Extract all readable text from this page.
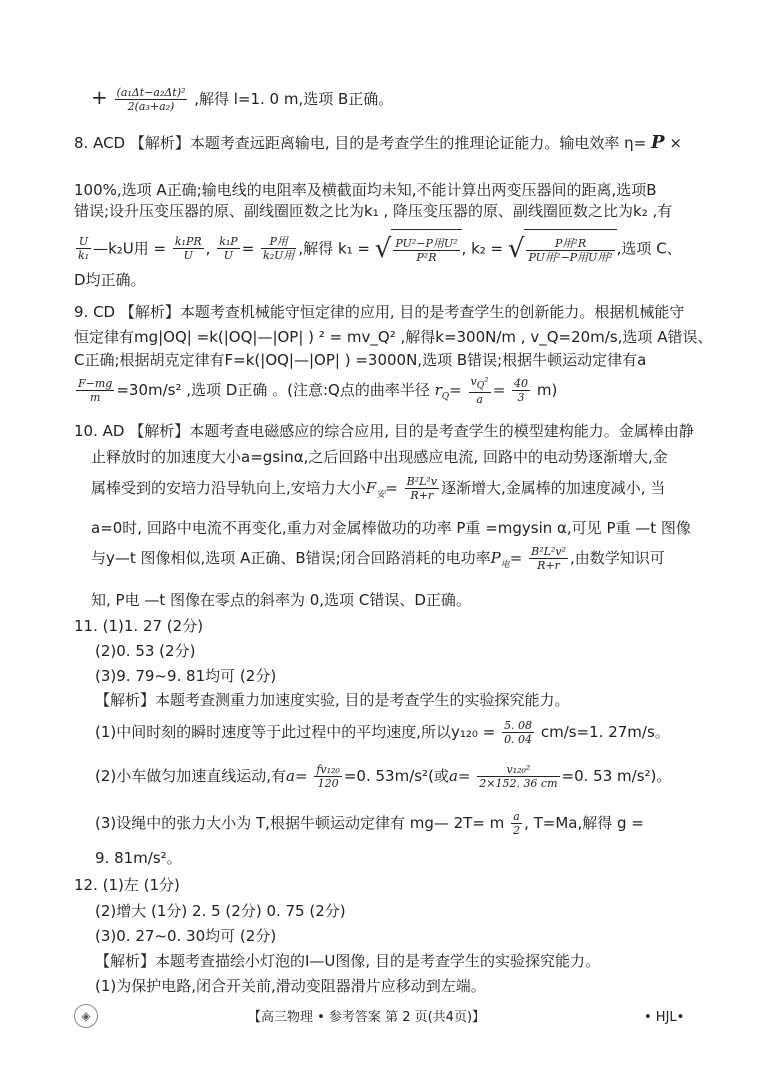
+ $\frac{\text{(a₁Δt−a₂Δt)²}}{\text{2(a₃+a₂)}}$ ,解得 l=1. 0 m,选项 B正确。
8. ACD 【解析】本题考查远距离输电, 目的是考查学生的推理论证能力。输电效率 η= P ×
100%,选项 A正确;输电线的电阻率及横截面均未知,不能计算出两变压器间的距离,选项B
错误;设升压变压器的原、副线圈匝数之比为k₁ , 降压变压器的原、副线圈匝数之比为k₂ ,有
$\frac{U}{\text{k₁}}$ —k₂U用 = $\frac{\text{k₁PR}}{U}$ , $\frac{\text{k₁P}}{U} = \frac{\text{P用}}{\text{k₂U用}}$ ,解得 k₁ = √ $\frac{\text{PU²−P用U²}}{\text{P²R}}$ , k₂ = √ $\frac{\text{P用²R}}{\text{PU用²−P用U用²}}$ ,选项 C、
D均正确。
9. CD 【解析】本题考查机械能守恒定律的应用, 目的是考查学生的创新能力。根据机械能守
恒定律有mg|OQ| =k(|OQ|—|OP| ) ² = mv_Q² ,解得k=300N/m , v_Q=20m/s,选项 A错误、
C正确;根据胡克定律有F=k(|OQ|—|OP| ) =3000N,选项 B错误;根据牛顿运动定律有a
$\frac{F-mg}{m} =30m/s^2$ ,选项 D正确 。(注意:Q点的曲率半径 $r_Q= \frac{v_Q^2}{a} = \frac{40}{3} m$)
10. AD 【解析】本题考查电磁感应的综合应用, 目的是考查学生的模型建构能力。金属棒由静
止释放时的加速度大小a=gsinα,之后回路中出现感应电流, 回路中的电动势逐渐增大,金
属棒受到的安培力沿导轨向上,安培力大小$F_安= \frac{\text{B²L²v}}{R+r}$ 逐渐增大,金属棒的加速度减小, 当
a=0时, 回路中电流不再变化,重力对金属棒做功的功率 P重 =mgysin α,可见 P重 —t 图像
与y—t 图像相似,选项 A正确、B错误;闭合回路消耗的电功率$P_电= \frac{\text{B²L²v²}}{R+r}$ ,由数学知识可
知, P电 —t 图像在零点的斜率为 0,选项 C错误、D正确。
11. (1)1. 27 (2分)
(2)0. 53 (2分)
(3)9. 79~9. 81均可 (2分)
【解析】本题考查测重力加速度实验, 目的是考查学生的实验探究能力。
(1)中间时刻的瞬时速度等于此过程中的平均速度,所以$y_{120} = \frac{5. 08}{0. 04} cm/s=1$. 27m/s。
(2)小车做匀加速直线运动,有$a= \frac{\text{fv₁₂₀}}{120} =0$. 53m/s²(或$a= \frac{\text{v₁₂₀²}}{2\times 152. 36 cm} =0$. 53 m/s²)。
(3)设绳中的张力大小为 T,根据牛顿运动定律有 mg— 2T= m $\frac{a}{2}$ , T=Ma,解得 g =
9. 81m/s²。
12. (1)左 (1分)
(2)增大 (1分) 2. 5 (2分) 0. 75 (2分)
(3)0. 27~0. 30均可 (2分)
【解析】本题考查描绘小灯泡的I—U图像, 目的是考查学生的实验探究能力。
(1)为保护电路,闭合开关前,滑动变阻器滑片应移动到左端。
◈	【高三物理 • 参考答案 第 2 页(共4页)】	• HJL•
